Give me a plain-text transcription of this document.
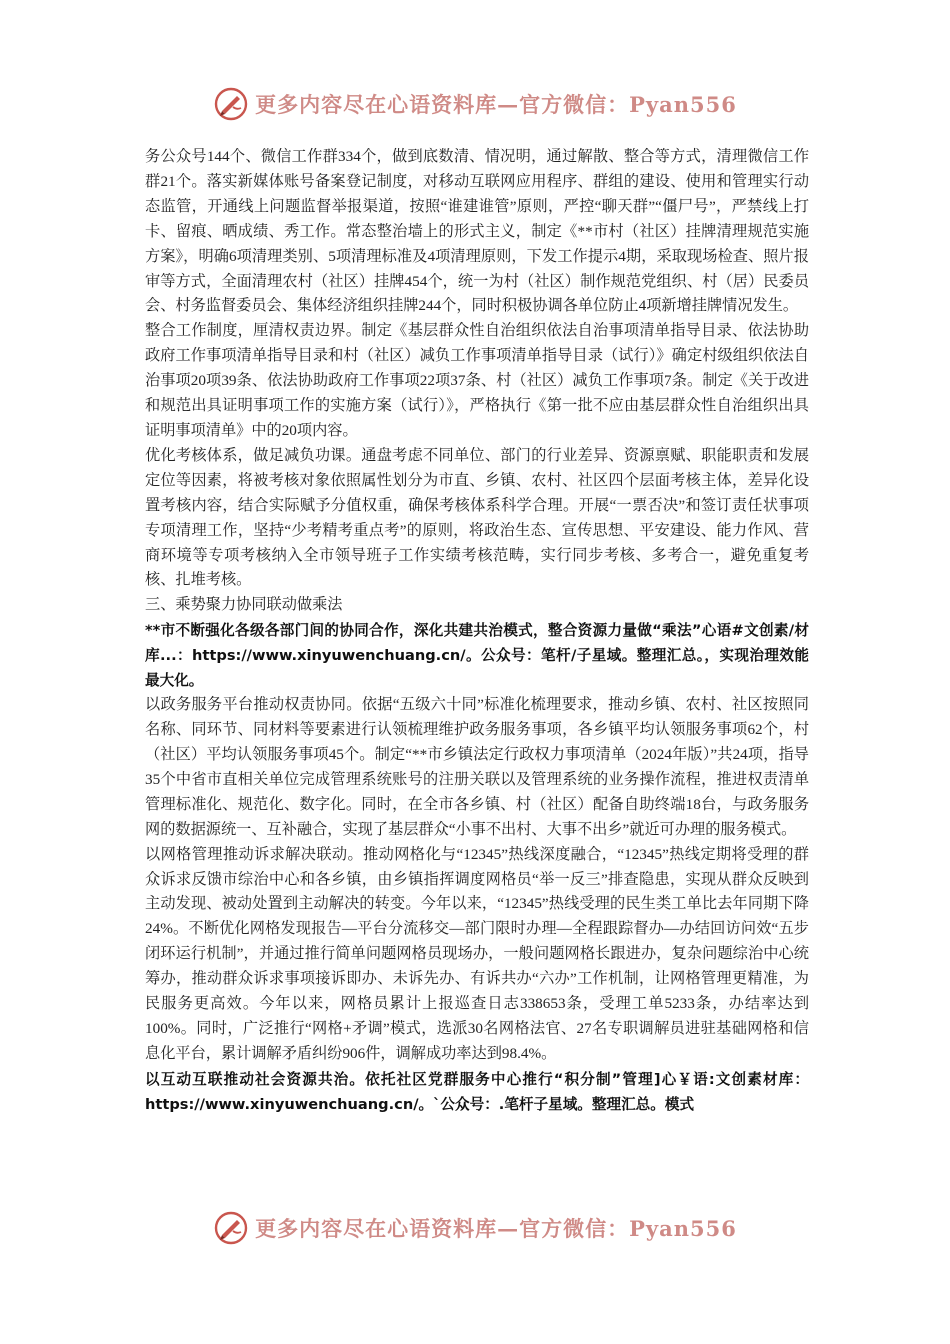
更多内容尽在心语资料库—官方微信：Pyan556

务公众号144个、微信工作群334个，做到底数清、情况明，通过解散、整合等方式，清理微信工作群21个。落实新媒体账号备案登记制度，对移动互联网应用程序、群组的建设、使用和管理实行动态监管，开通线上问题监督举报渠道，按照“谁建谁管”原则，严控“聊天群”“僵尸号”，严禁线上打卡、留痕、晒成绩、秀工作。常态整治墙上的形式主义，制定《**市村（社区）挂牌清理规范实施方案》，明确6项清理类别、5项清理标准及4项清理原则，下发工作提示4期，采取现场检查、照片报审等方式，全面清理农村（社区）挂牌454个，统一为村（社区）制作规范党组织、村（居）民委员会、村务监督委员会、集体经济组织挂牌244个，同时积极协调各单位防止4项新增挂牌情况发生。

整合工作制度，厘清权责边界。制定《基层群众性自治组织依法自治事项清单指导目录、依法协助政府工作事项清单指导目录和村（社区）减负工作事项清单指导目录（试行）》确定村级组织依法自治事项20项39条、依法协助政府工作事项22项37条、村（社区）减负工作事项7条。制定《关于改进和规范出具证明事项工作的实施方案（试行）》，严格执行《第一批不应由基层群众性自治组织出具证明事项清单》中的20项内容。

优化考核体系，做足减负功课。通盘考虑不同单位、部门的行业差异、资源禀赋、职能职责和发展定位等因素，将被考核对象依照属性划分为市直、乡镇、农村、社区四个层面考核主体，差异化设置考核内容，结合实际赋予分值权重，确保考核体系科学合理。开展“一票否决”和签订责任状事项专项清理工作，坚持“少考精考重点考”的原则，将政治生态、宣传思想、平安建设、能力作风、营商环境等专项考核纳入全市领导班子工作实绩考核范畴，实行同步考核、多考合一，避免重复考核、扎堆考核。

三、乘势聚力协同联动做乘法

**市不断强化各级各部门间的协同合作，深化共建共治模式，整合资源力量做“乘法”心语#文创素/材库...：https://www.xinyuwenchuang.cn/。公众号：笔杆/子星域。整理汇总。，实现治理效能最大化。

以政务服务平台推动权责协同。依据“五级六十同”标准化梳理要求，推动乡镇、农村、社区按照同名称、同环节、同材料等要素进行认领梳理维护政务服务事项，各乡镇平均认领服务事项62个，村（社区）平均认领服务事项45个。制定“**市乡镇法定行政权力事项清单（2024年版）”共24项，指导35个中省市直相关单位完成管理系统账号的注册关联以及管理系统的业务操作流程，推进权责清单管理标准化、规范化、数字化。同时，在全市各乡镇、村（社区）配备自助终端18台，与政务服务网的数据源统一、互补融合，实现了基层群众“小事不出村、大事不出乡”就近可办理的服务模式。

以网格管理推动诉求解决联动。推动网格化与“12345”热线深度融合，“12345”热线定期将受理的群众诉求反馈市综治中心和各乡镇，由乡镇指挥调度网格员“举一反三”排查隐患，实现从群众反映到主动发现、被动处置到主动解决的转变。今年以来，“12345”热线受理的民生类工单比去年同期下降24%。不断优化网格发现报告—平台分流移交—部门限时办理—全程跟踪督办—办结回访问效“五步闭环运行机制”，并通过推行简单问题网格员现场办，一般问题网格长跟进办，复杂问题综治中心统筹办，推动群众诉求事项接诉即办、未诉先办、有诉共办“六办”工作机制，让网格管理更精准，为民服务更高效。今年以来，网格员累计上报巡查日志338653条，受理工单5233条，办结率达到100%。同时，广泛推行“网格+矛调”模式，选派30名网格法官、27名专职调解员进驻基础网格和信息化平台，累计调解矛盾纠纷906件，调解成功率达到98.4%。

以互动互联推动社会资源共治。依托社区党群服务中心推行“积分制”管理]心￥语:文创素材库：https://www.xinyuwenchuang.cn/。`公众号：.笔杆子星域。整理汇总。模式

更多内容尽在心语资料库—官方微信：Pyan556
